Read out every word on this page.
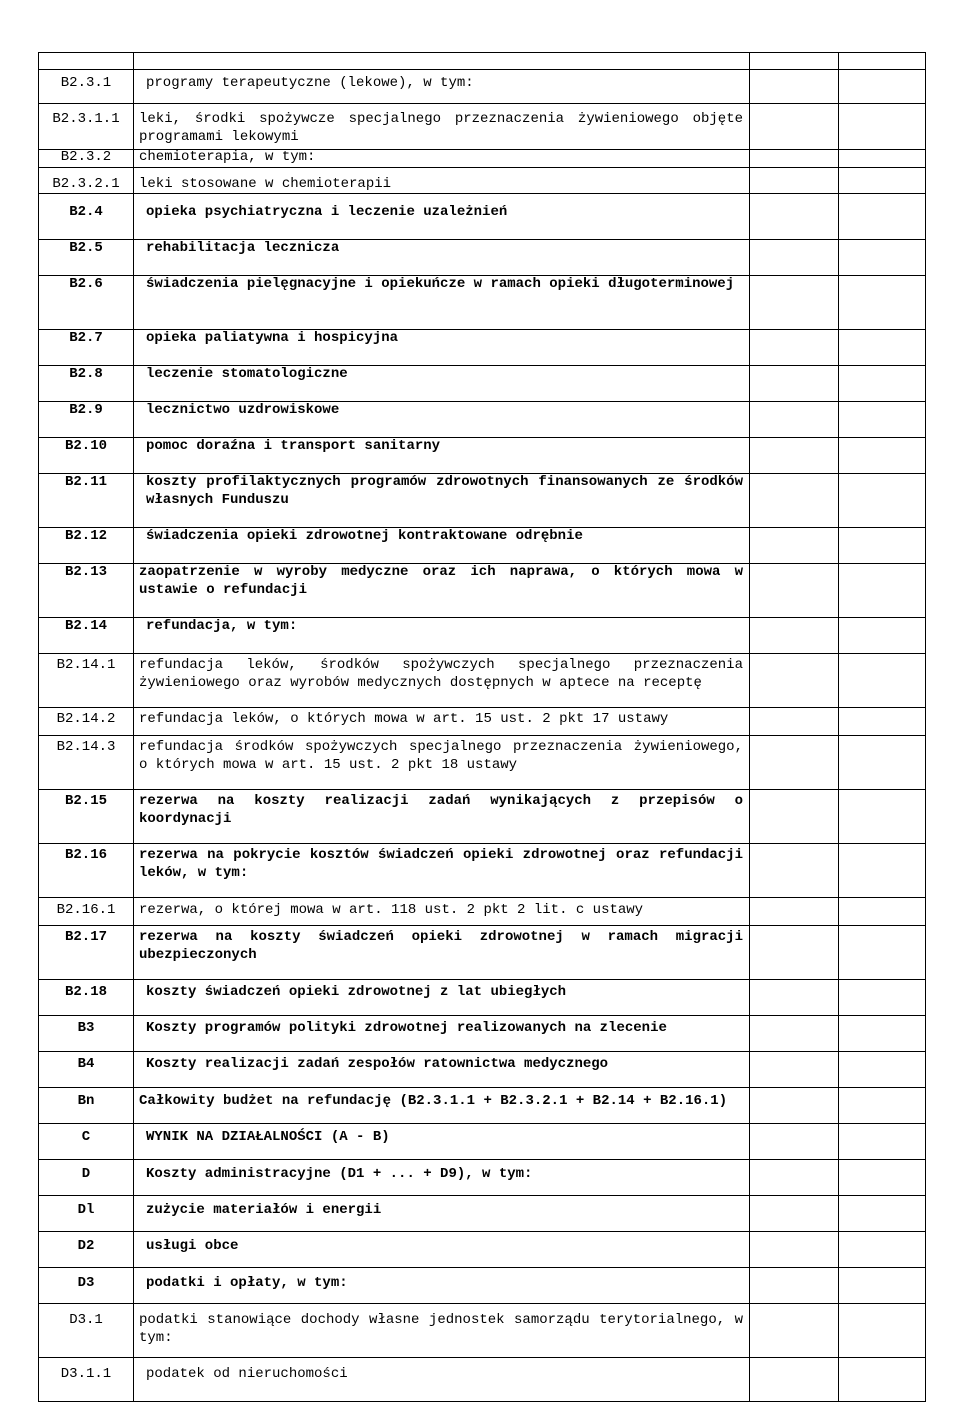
B2.3.1	programy terapeutyczne (lekowe), w tym:
B2.3.1.1	leki, środki spożywcze specjalnego przeznaczenia żywieniowego objęte programami lekowymi
B2.3.2	chemioterapia, w tym:
B2.3.2.1	leki stosowane w chemioterapii
B2.4	opieka psychiatryczna i leczenie uzależnień
B2.5	rehabilitacja lecznicza
B2.6	świadczenia pielęgnacyjne i opiekuńcze w ramach opieki długoterminowej
B2.7	opieka paliatywna i hospicyjna
B2.8	leczenie stomatologiczne
B2.9	lecznictwo uzdrowiskowe
B2.10	pomoc doraźna i transport sanitarny
B2.11	koszty profilaktycznych programów zdrowotnych finansowanych ze środków własnych Funduszu
B2.12	świadczenia opieki zdrowotnej kontraktowane odrębnie
B2.13	zaopatrzenie w wyroby medyczne oraz ich naprawa, o których mowa w ustawie o refundacji
B2.14	refundacja, w tym:
B2.14.1	refundacja leków, środków spożywczych specjalnego przeznaczenia żywieniowego oraz wyrobów medycznych dostępnych w aptece na receptę
B2.14.2	refundacja leków, o których mowa w art. 15 ust. 2 pkt 17 ustawy
B2.14.3	refundacja środków spożywczych specjalnego przeznaczenia żywieniowego, o których mowa w art. 15 ust. 2 pkt 18 ustawy
B2.15	rezerwa na koszty realizacji zadań wynikających z przepisów o koordynacji
B2.16	rezerwa na pokrycie kosztów świadczeń opieki zdrowotnej oraz refundacji leków, w tym:
B2.16.1	rezerwa, o której mowa w art. 118 ust. 2 pkt 2 lit. c ustawy
B2.17	rezerwa na koszty świadczeń opieki zdrowotnej w ramach migracji ubezpieczonych
B2.18	koszty świadczeń opieki zdrowotnej z lat ubiegłych
B3	Koszty programów polityki zdrowotnej realizowanych na zlecenie
B4	Koszty realizacji zadań zespołów ratownictwa medycznego
Bn	Całkowity budżet na refundację (B2.3.1.1 + B2.3.2.1 + B2.14 + B2.16.1)
C	WYNIK NA DZIAŁALNOŚCI (A - B)
D	Koszty administracyjne (D1 + ... + D9), w tym:
Dl	zużycie materiałów i energii
D2	usługi obce
D3	podatki i opłaty, w tym:
D3.1	podatki stanowiące dochody własne jednostek samorządu terytorialnego, w tym:
D3.1.1	podatek od nieruchomości
